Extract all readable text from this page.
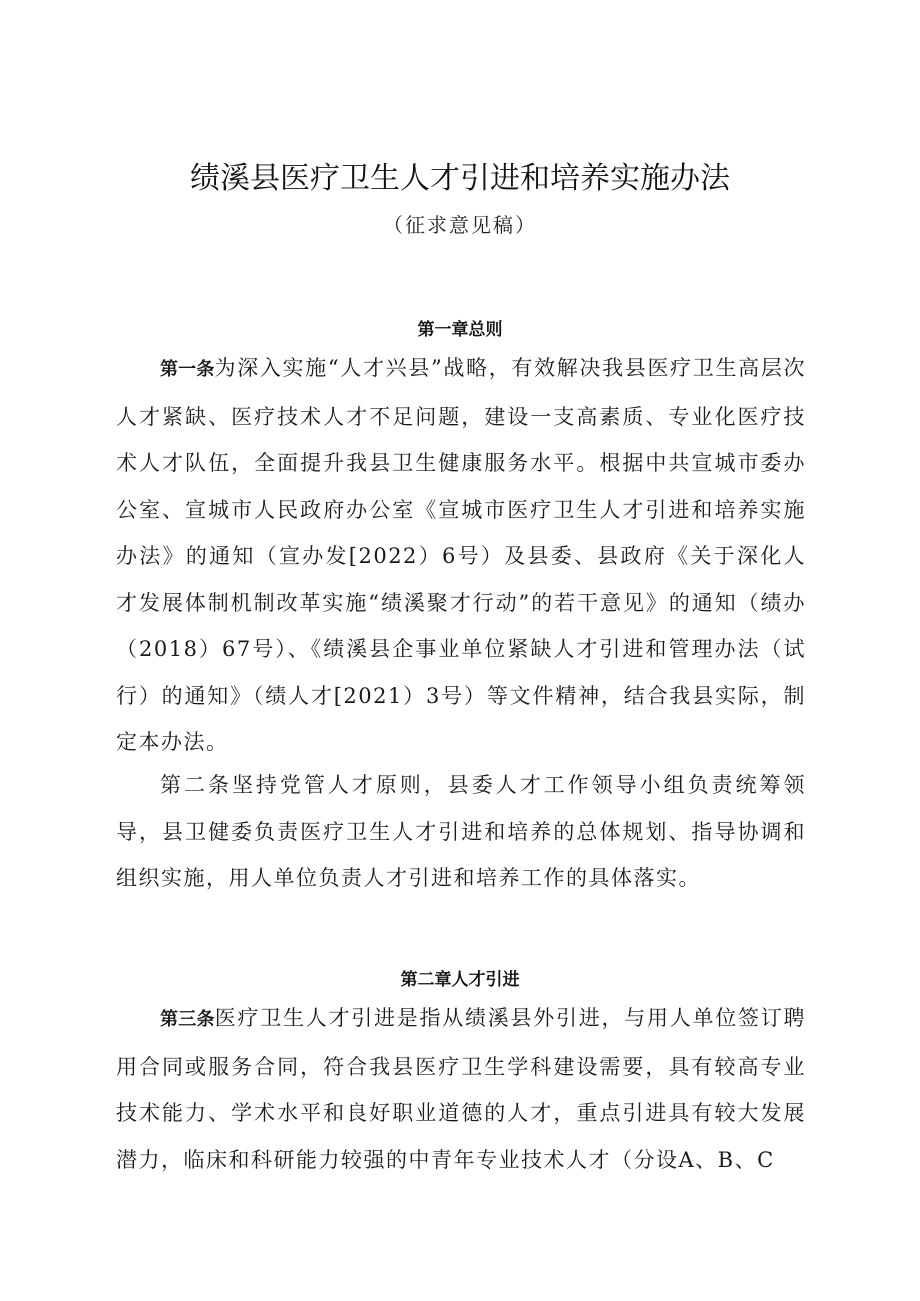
绩溪县医疗卫生人才引进和培养实施办法
（征求意见稿）
第一章总则

第一条为深入实施“人才兴县”战略，有效解决我县医疗卫生高层次人才紧缺、医疗技术人才不足问题，建设一支高素质、专业化医疗技术人才队伍，全面提升我县卫生健康服务水平。根据中共宣城市委办公室、宣城市人民政府办公室《宣城市医疗卫生人才引进和培养实施办法》的通知（宣办发[2022）6号）及县委、县政府《关于深化人才发展体制机制改革实施“绩溪聚才行动”的若干意见》的通知（绩办（2018）67号）、《绩溪县企事业单位紧缺人才引进和管理办法（试行）的通知》（绩人才[2021）3号）等文件精神，结合我县实际，制定本办法。

第二条坚持党管人才原则，县委人才工作领导小组负责统筹领导，县卫健委负责医疗卫生人才引进和培养的总体规划、指导协调和组织实施，用人单位负责人才引进和培养工作的具体落实。

第二章人才引进

第三条医疗卫生人才引进是指从绩溪县外引进，与用人单位签订聘用合同或服务合同，符合我县医疗卫生学科建设需要，具有较高专业技术能力、学术水平和良好职业道德的人才，重点引进具有较大发展潜力，临床和科研能力较强的中青年专业技术人才（分设A、B、C
